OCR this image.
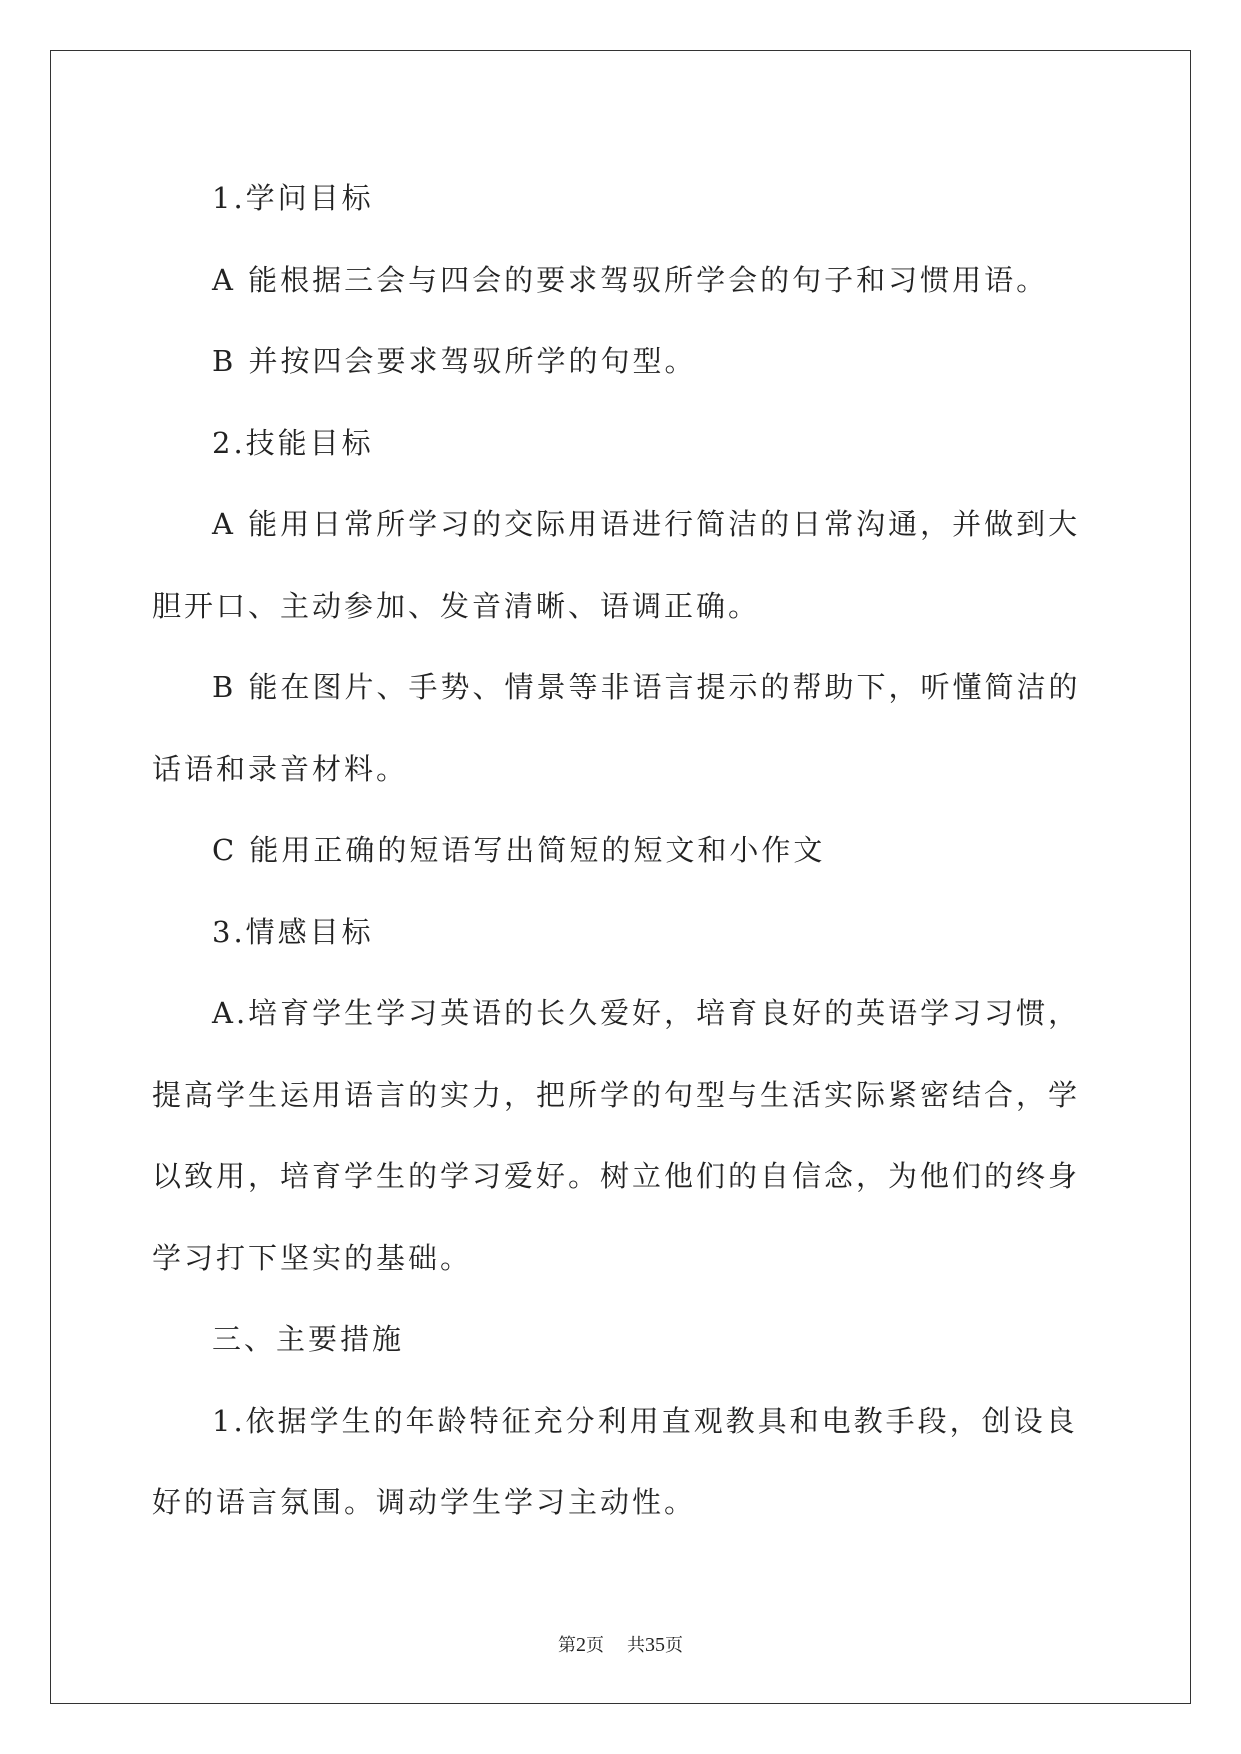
1.学问目标

A 能根据三会与四会的要求驾驭所学会的句子和习惯用语。

B 并按四会要求驾驭所学的句型。

2.技能目标

A 能用日常所学习的交际用语进行简洁的日常沟通，并做到大胆开口、主动参加、发音清晰、语调正确。

B 能在图片、手势、情景等非语言提示的帮助下，听懂简洁的话语和录音材料。

C 能用正确的短语写出简短的短文和小作文

3.情感目标

A.培育学生学习英语的长久爱好，培育良好的英语学习习惯，提高学生运用语言的实力，把所学的句型与生活实际紧密结合，学以致用，培育学生的学习爱好。树立他们的自信念，为他们的终身学习打下坚实的基础。

三、主要措施

1.依据学生的年龄特征充分利用直观教具和电教手段，创设良好的语言氛围。调动学生学习主动性。

第2页 共35页
